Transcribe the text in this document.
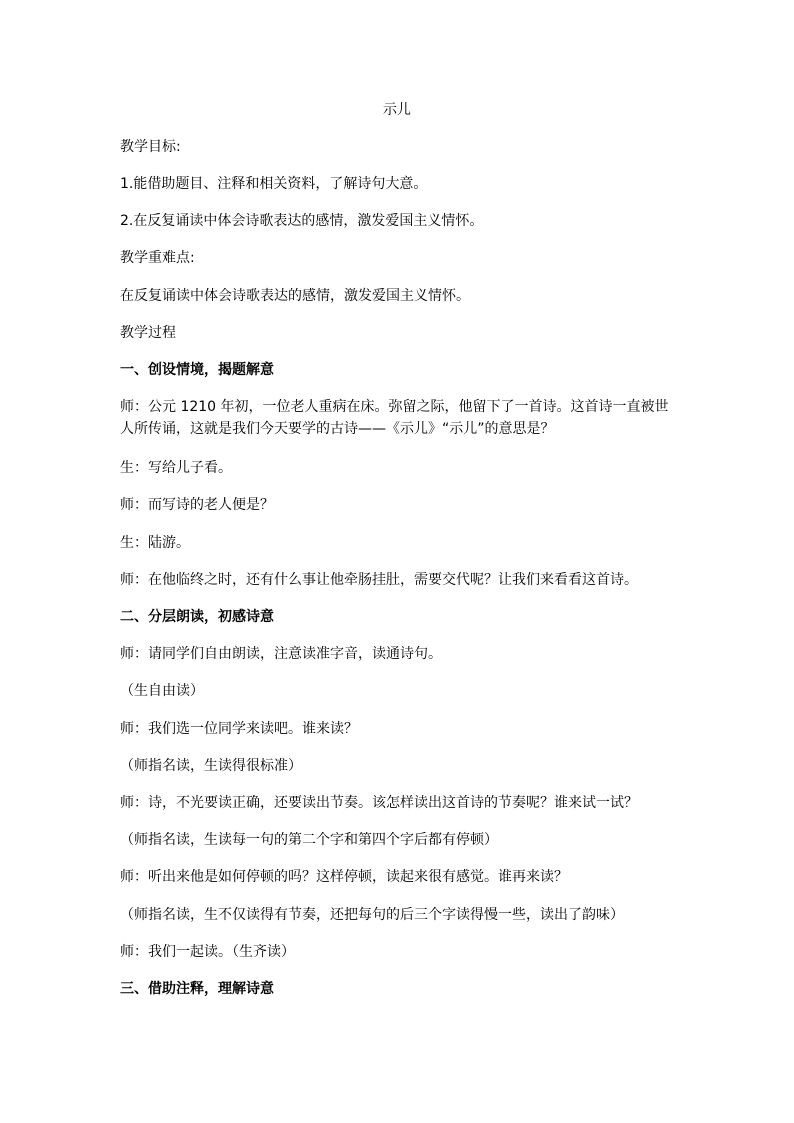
示儿
教学目标:
1.能借助题目、注释和相关资料，了解诗句大意。
2.在反复诵读中体会诗歌表达的感情，激发爱国主义情怀。
教学重难点:
在反复诵读中体会诗歌表达的感情，激发爱国主义情怀。
教学过程
一、创设情境，揭题解意
师：公元 1210 年初，一位老人重病在床。弥留之际，他留下了一首诗。这首诗一直被世人所传诵，这就是我们今天要学的古诗——《示儿》“示儿”的意思是？
生：写给儿子看。
师：而写诗的老人便是？
生：陆游。
师：在他临终之时，还有什么事让他牵肠挂肚，需要交代呢？让我们来看看这首诗。
二、分层朗读，初感诗意
师：请同学们自由朗读，注意读准字音，读通诗句。
（生自由读）
师：我们选一位同学来读吧。谁来读？
（师指名读，生读得很标准）
师：诗，不光要读正确，还要读出节奏。该怎样读出这首诗的节奏呢？谁来试一试？
（师指名读，生读每一句的第二个字和第四个字后都有停顿）
师：听出来他是如何停顿的吗？这样停顿，读起来很有感觉。谁再来读？
（师指名读，生不仅读得有节奏，还把每句的后三个字读得慢一些，读出了韵味）
师：我们一起读。（生齐读）
三、借助注释，理解诗意
